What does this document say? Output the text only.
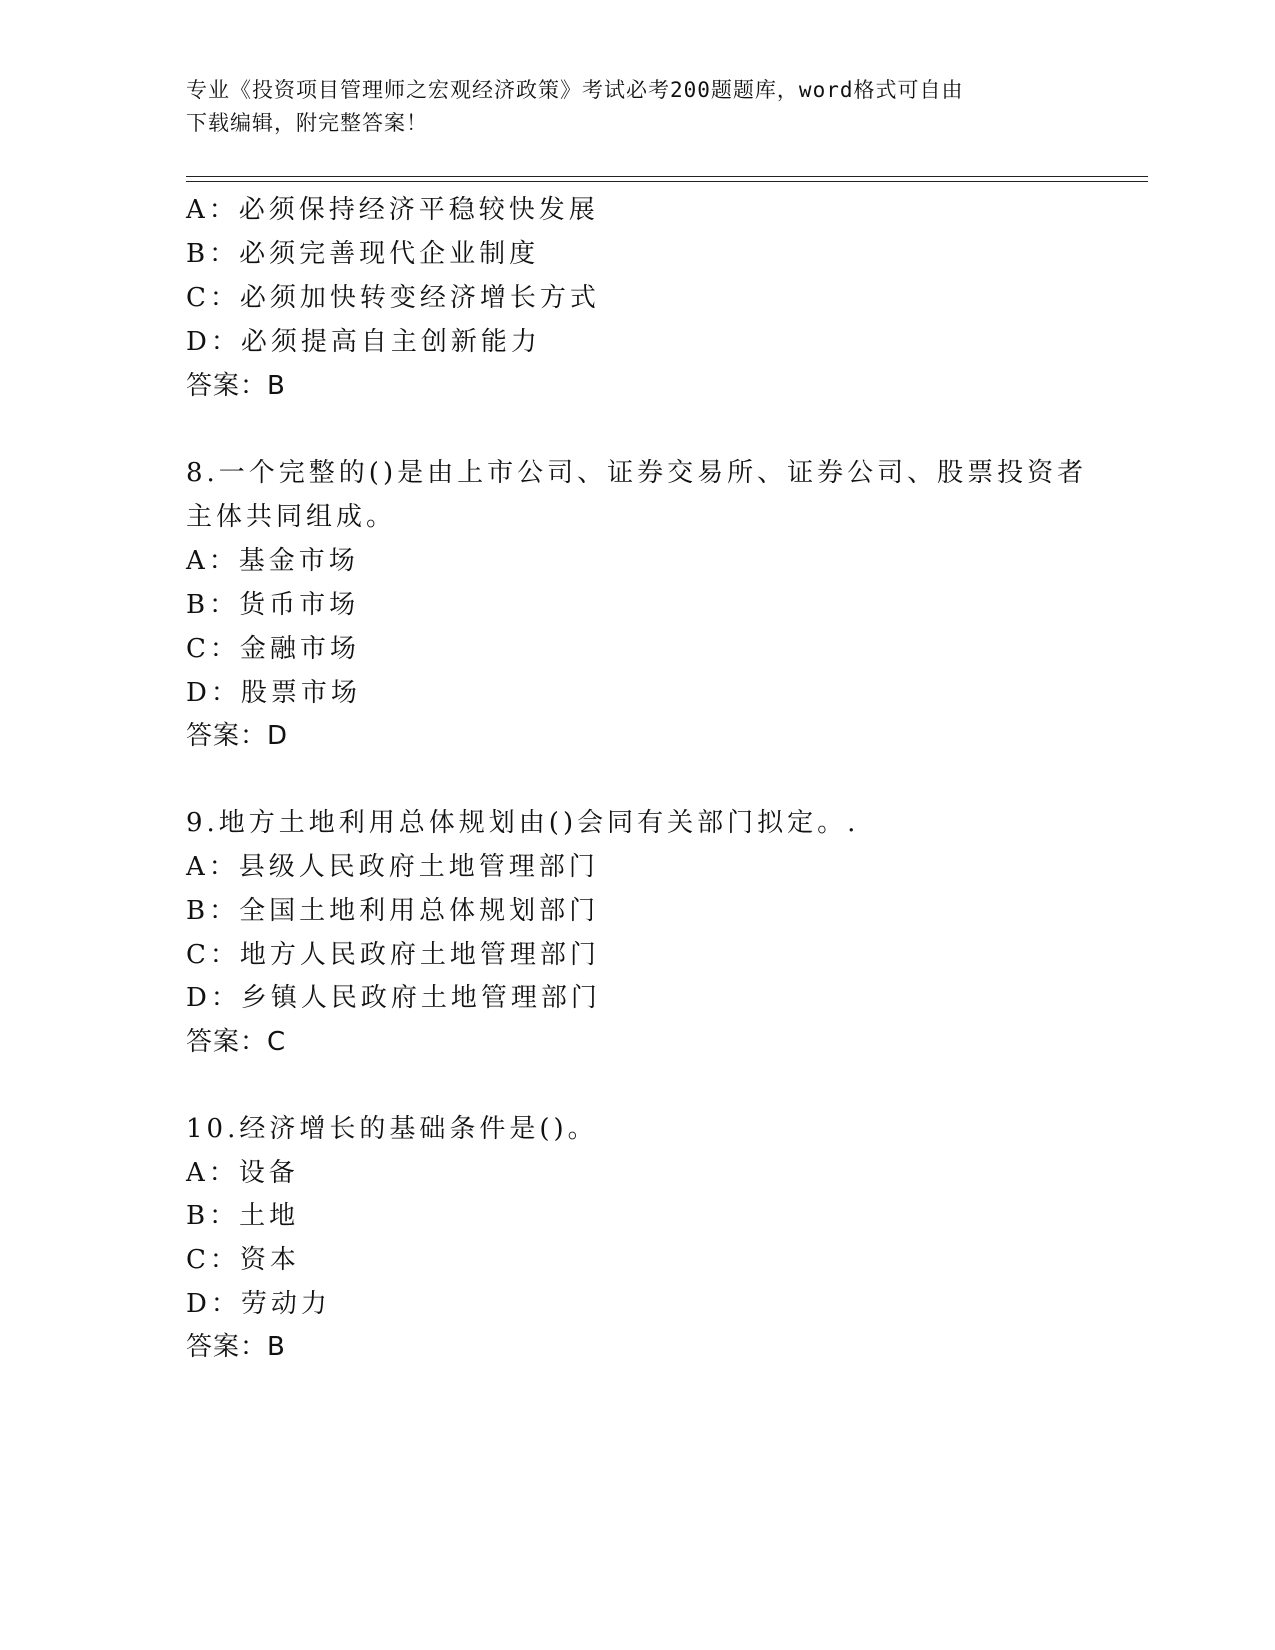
专业《投资项目管理师之宏观经济政策》考试必考200题题库，word格式可自由
下载编辑，附完整答案！
A：必须保持经济平稳较快发展
B：必须完善现代企业制度
C：必须加快转变经济增长方式
D：必须提高自主创新能力
答案：B
8.一个完整的()是由上市公司、证券交易所、证券公司、股票投资者
主体共同组成。
A：基金市场
B：货币市场
C：金融市场
D：股票市场
答案：D
9.地方土地利用总体规划由()会同有关部门拟定。.
A：县级人民政府土地管理部门
B：全国土地利用总体规划部门
C：地方人民政府土地管理部门
D：乡镇人民政府土地管理部门
答案：C
10.经济增长的基础条件是()。
A：设备
B：土地
C：资本
D：劳动力
答案：B
